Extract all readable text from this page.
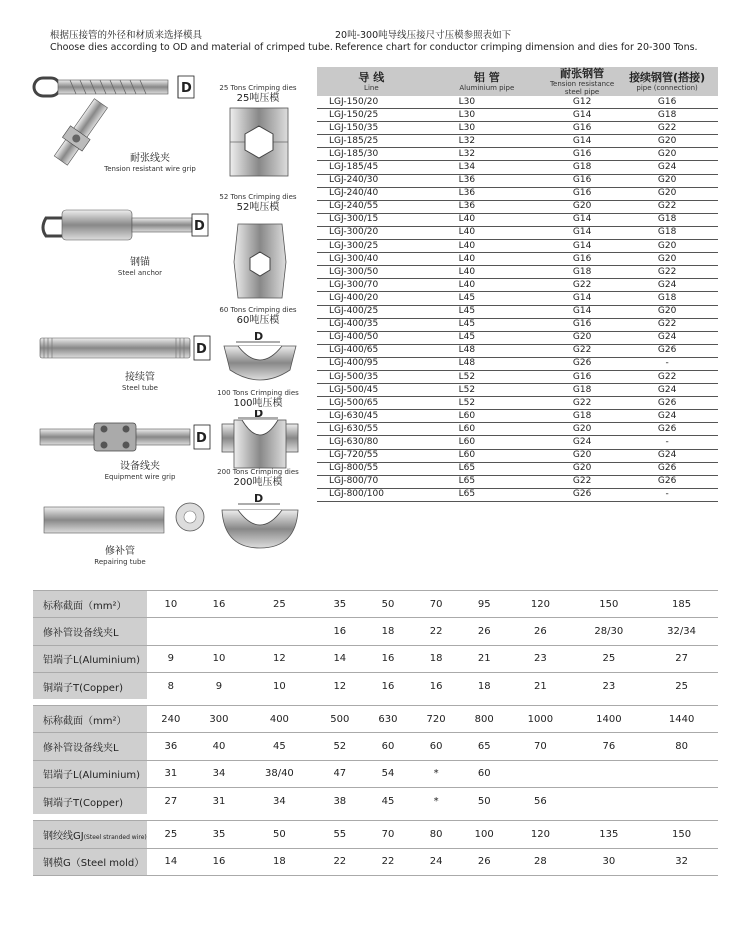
根据压接管的外径和材质来选择模具
Choose dies according to OD and material of crimped tube.
20吨-300吨导线压接尺寸压模参照表如下
Reference chart for conductor crimping dimension and dies for 20-300 Tons.
D
耐张线夹
Tension resistant wire grip
D
钢锚
Steel anchor
D
接续管
Steel tube
D
设备线夹
Equipment wire grip
修补管
Repairing tube
25 Tons Crimping dies
25吨压模
52 Tons Crimping dies
52吨压模
60 Tons Crimping dies
60吨压模
D
100 Tons Crimping dies
100吨压模
D
200 Tons Crimping dies
200吨压模
D
导 线
Line	铝 管
Aluminium pipe	耐张钢管
Tension resistance steel pipe	接续钢管(搭接)
pipe (connection)

LGJ-150/20	L30	G12	G16
LGJ-150/25	L30	G14	G18
LGJ-150/35	L30	G16	G22
LGJ-185/25	L32	G14	G20
LGJ-185/30	L32	G16	G20
LGJ-185/45	L34	G18	G24
LGJ-240/30	L36	G16	G20
LGJ-240/40	L36	G16	G20
LGJ-240/55	L36	G20	G22
LGJ-300/15	L40	G14	G18
LGJ-300/20	L40	G14	G18
LGJ-300/25	L40	G14	G20
LGJ-300/40	L40	G16	G20
LGJ-300/50	L40	G18	G22
LGJ-300/70	L40	G22	G24
LGJ-400/20	L45	G14	G18
LGJ-400/25	L45	G14	G20
LGJ-400/35	L45	G16	G22
LGJ-400/50	L45	G20	G24
LGJ-400/65	L48	G22	G26
LGJ-400/95	L48	G26	-
LGJ-500/35	L52	G16	G22
LGJ-500/45	L52	G18	G24
LGJ-500/65	L52	G22	G26
LGJ-630/45	L60	G18	G24
LGJ-630/55	L60	G20	G26
LGJ-630/80	L60	G24	-
LGJ-720/55	L60	G20	G24
LGJ-800/55	L65	G20	G26
LGJ-800/70	L65	G22	G26
LGJ-800/100	L65	G26	-
标称截面（mm²）	10	16	25	35	50	70	95	120	150	185
修补管设备线夹L				16	18	22	26	26	28/30	32/34
铝端子L(Aluminium)	9	10	12	14	16	18	21	23	25	27
铜端子T(Copper)	8	9	10	12	16	16	18	21	23	25

标称截面（mm²）	240	300	400	500	630	720	800	1000	1400	1440
修补管设备线夹L	36	40	45	52	60	60	65	70	76	80
铝端子L(Aluminium)	31	34	38/40	47	54	*	60			
铜端子T(Copper)	27	31	34	38	45	*	50	56		

钢绞线GJ(Steel stranded wire)	25	35	50	55	70	80	100	120	135	150
钢模G（Steel mold）	14	16	18	22	22	24	26	28	30	32
